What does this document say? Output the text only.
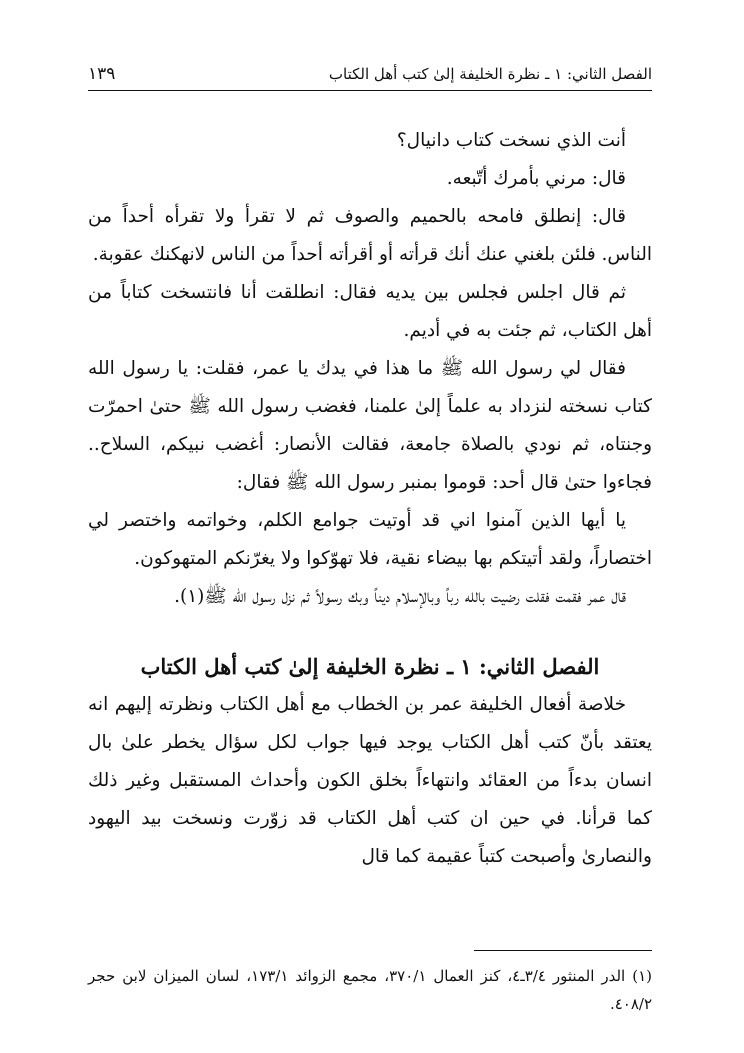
الفصل الثاني: ١ ـ نظرة الخليفة إلىٰ كتب أهل الكتاب
١٣٩

أنت الذي نسخت كتاب دانيال؟

قال: مرني بأمرك أتّبعه.

قال: إنطلق فامحه بالحميم والصوف ثم لا تقرأ ولا تقرأه أحداً من الناس. فلئن بلغني عنك أنك قرأته أو أقرأته أحداً من الناس لانهكنك عقوبة.

ثم قال اجلس فجلس بين يديه فقال: انطلقت أنا فانتسخت كتاباً من أهل الكتاب، ثم جئت به في أديم.

فقال لي رسول الله ﷺ ما هذا في يدك يا عمر، فقلت: يا رسول الله كتاب نسخته لنزداد به علماً إلىٰ علمنا، فغضب رسول الله ﷺ حتىٰ احمرّت وجنتاه، ثم نودي بالصلاة جامعة، فقالت الأنصار: أغضب نبيكم، السلاح.. فجاءوا حتىٰ قال أحد: قوموا بمنبر رسول الله ﷺ فقال:

يا أيها الذين آمنوا اني قد أوتيت جوامع الكلم، وخواتمه واختصر لي اختصاراً، ولقد أتيتكم بها بيضاء نقية، فلا تهوّكوا ولا يغرّنكم المتهوكون.

قال عمر فقمت فقلت رضيت بالله رباً وبالإسلام ديناً وبك رسولاً ثم نزل رسول الله ﷺ(١).

الفصل الثاني: ١ ـ نظرة الخليفة إلىٰ كتب أهل الكتاب

خلاصة أفعال الخليفة عمر بن الخطاب مع أهل الكتاب ونظرته إليهم انه يعتقد بأنّ كتب أهل الكتاب يوجد فيها جواب لكل سؤال يخطر علىٰ بال انسان بدءاً من العقائد وانتهاءاً بخلق الكون وأحداث المستقبل وغير ذلك كما قرأنا. في حين ان كتب أهل الكتاب قد زوّرت ونسخت بيد اليهود والنصارىٰ وأصبحت كتباً عقيمة كما قال

(١) الدر المنثور ٣/٤ـ٤، كنز العمال ٣٧٠/١، مجمع الزوائد ١٧٣/١، لسان الميزان لابن حجر ٤٠٨/٢.
